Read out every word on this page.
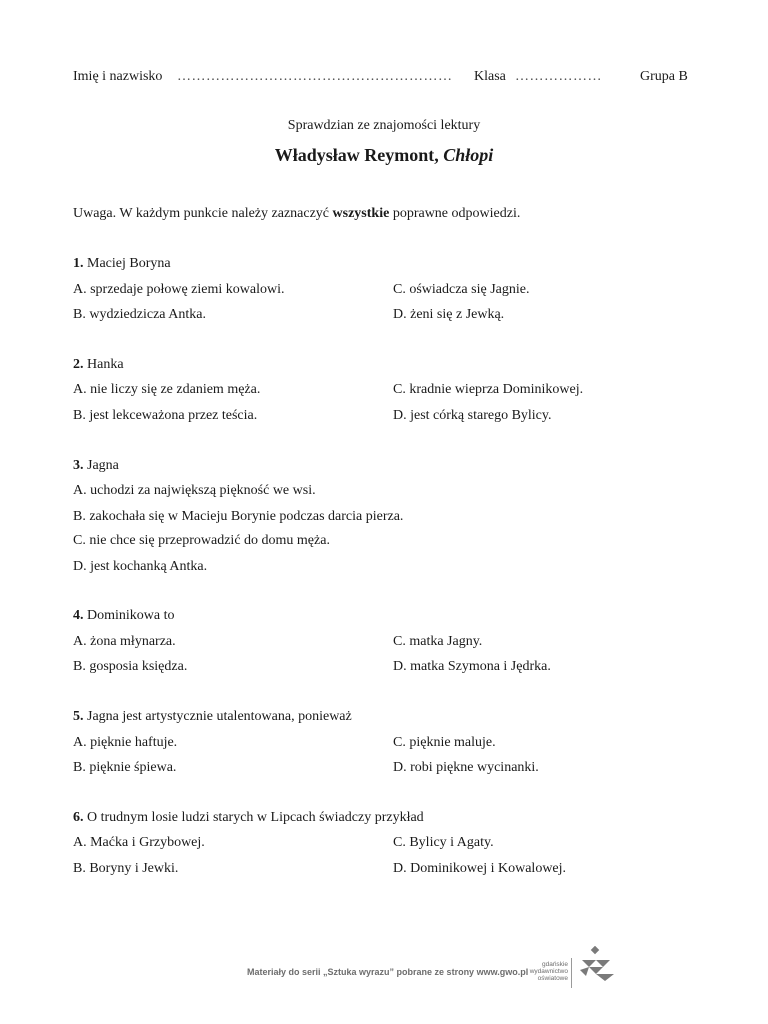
Imię i nazwisko ………………………………………………… Klasa ………………	Grupa B
Sprawdzian ze znajomości lektury
Władysław Reymont, Chłopi
Uwaga. W każdym punkcie należy zaznaczyć wszystkie poprawne odpowiedzi.
1. Maciej Boryna
A. sprzedaje połowę ziemi kowalowi.	C. oświadcza się Jagnie.
B. wydziedzicza Antka.	D. żeni się z Jewką.
2. Hanka
A. nie liczy się ze zdaniem męża.	C. kradnie wieprza Dominikowej.
B. jest lekceważona przez teścia.	D. jest córką starego Bylicy.
3. Jagna
A. uchodzi za największą piękność we wsi.
B. zakochała się w Macieju Borynie podczas darcia pierza.
C. nie chce się przeprowadzić do domu męża.
D. jest kochanką Antka.
4. Dominikowa to
A. żona młynarza.	C. matka Jagny.
B. gosposia księdza.	D. matka Szymona i Jędrka.
5. Jagna jest artystycznie utalentowana, ponieważ
A. pięknie haftuje.	C. pięknie maluje.
B. pięknie śpiewa.	D. robi piękne wycinanki.
6. O trudnym losie ludzi starych w Lipcach świadczy przykład
A. Maćka i Grzybowej.	C. Bylicy i Agaty.
B. Boryny i Jewki.	D. Dominikowej i Kowalowej.
Materiały do serii „Sztuka wyrazu” pobrane ze strony www.gwo.pl
gdańskie
wydawnictwo
oświatowe
